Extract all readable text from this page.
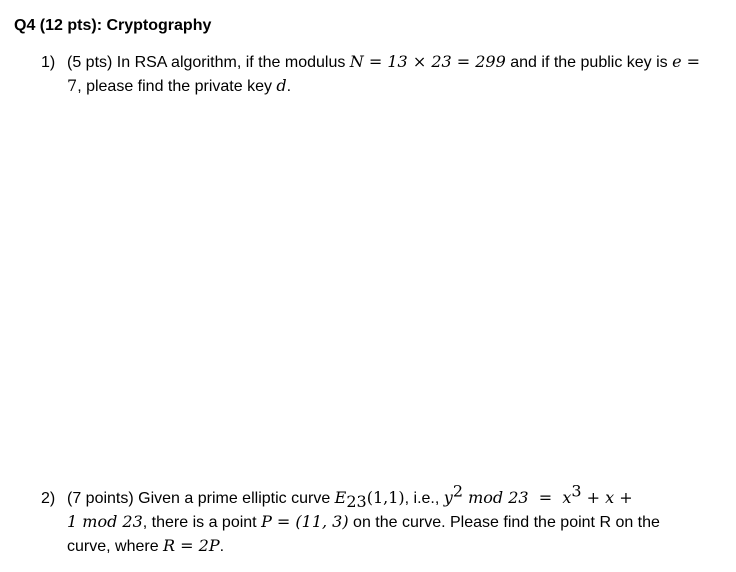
Q4 (12 pts): Cryptography
1) (5 pts) In RSA algorithm, if the modulus N = 13 × 23 = 299 and if the public key is e =
7, please find the private key d.
2) (7 points) Given a prime elliptic curve $E_{23}(1,1)$, i.e., $y^2$ mod $23 = x^3 + x$ +
1 mod 23, there is a point P = (11, 3) on the curve. Please find the point R on the
curve, where R = 2P.
